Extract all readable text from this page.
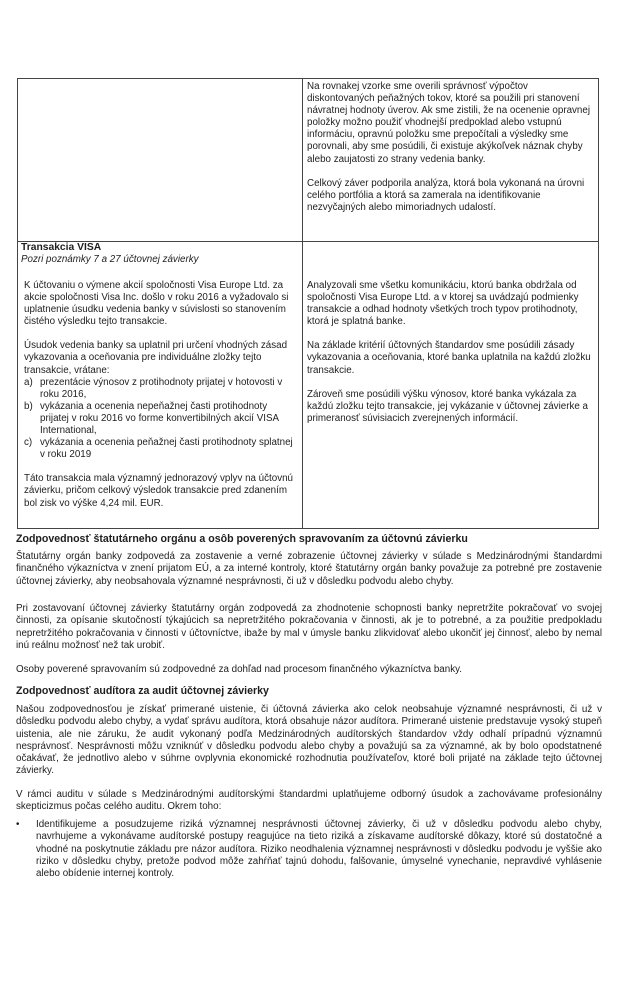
Na rovnakej vzorke sme overili správnosť výpočtov diskontovaných peňažných tokov, ktoré sa použili pri stanovení návratnej hodnoty úverov. Ak sme zistili, že na ocenenie opravnej položky možno použiť vhodnejší predpoklad alebo vstupnú informáciu, opravnú položku sme prepočítali a výsledky sme porovnali, aby sme posúdili, či existuje akýkoľvek náznak chyby alebo zaujatosti zo strany vedenia banky.

Celkový záver podporila analýza, ktorá bola vykonaná na úrovni celého portfólia a ktorá sa zamerala na identifikovanie nezvyčajných alebo mimoriadnych udalostí.

Transakcia VISA
Pozri poznámky 7 a 27 účtovnej závierky

K účtovaniu o výmene akcií spoločnosti Visa Europe Ltd. za akcie spoločnosti Visa Inc. došlo v roku 2016 a vyžadovalo si uplatnenie úsudku vedenia banky v súvislosti so stanovením čistého výsledku tejto transakcie.

Úsudok vedenia banky sa uplatnil pri určení vhodných zásad vykazovania a oceňovania pre individuálne zložky tejto transakcie, vrátane:

a) prezentácie výnosov z protihodnoty prijatej v hotovosti v roku 2016,
b) vykázania a ocenenia nepeňažnej časti protihodnoty prijatej v roku 2016 vo forme konvertibilných akcií VISA International,
c) vykázania a ocenenia peňažnej časti protihodnoty splatnej v roku 2019

Táto transakcia mala významný jednorazový vplyv na účtovnú závierku, pričom celkový výsledok transakcie pred zdanením bol zisk vo výške 4,24 mil. EUR.

Analyzovali sme všetku komunikáciu, ktorú banka obdržala od spoločnosti Visa Europe Ltd. a v ktorej sa uvádzajú podmienky transakcie a odhad hodnoty všetkých troch typov protihodnoty, ktorá je splatná banke.

Na základe kritérií účtovných štandardov sme posúdili zásady vykazovania a oceňovania, ktoré banka uplatnila na každú zložku transakcie.

Zároveň sme posúdili výšku výnosov, ktoré banka vykázala za každú zložku tejto transakcie, jej vykázanie v účtovnej závierke a primeranosť súvisiacich zverejnených informácií.

Zodpovednosť štatutárneho orgánu a osôb poverených spravovaním za účtovnú závierku
Štatutárny orgán banky zodpovedá za zostavenie a verné zobrazenie účtovnej závierky v súlade s Medzinárodnými štandardmi finančného výkazníctva v znení prijatom EÚ, a za interné kontroly, ktoré štatutárny orgán banky považuje za potrebné pre zostavenie účtovnej závierky, aby neobsahovala významné nesprávnosti, či už v dôsledku podvodu alebo chyby.
Pri zostavovaní účtovnej závierky štatutárny orgán zodpovedá za zhodnotenie schopnosti banky nepretržite pokračovať vo svojej činnosti, za opísanie skutočností týkajúcich sa nepretržitého pokračovania v činnosti, ak je to potrebné, a za použitie predpokladu nepretržitého pokračovania v činnosti v účtovníctve, ibaže by mal v úmysle banku zlikvidovať alebo ukončiť jej činnosť, alebo by nemal inú reálnu možnosť než tak urobiť.
Osoby poverené spravovaním sú zodpovedné za dohľad nad procesom finančného výkazníctva banky.
Zodpovednosť audítora za audit účtovnej závierky
Našou zodpovednosťou je získať primerané uistenie, či účtovná závierka ako celok neobsahuje významné nesprávnosti, či už v dôsledku podvodu alebo chyby, a vydať správu audítora, ktorá obsahuje názor audítora. Primerané uistenie predstavuje vysoký stupeň uistenia, ale nie záruku, že audit vykonaný podľa Medzinárodných audítorských štandardov vždy odhalí prípadnú významnú nesprávnosť. Nesprávnosti môžu vzniknúť v dôsledku podvodu alebo chyby a považujú sa za významné, ak by bolo opodstatnené očakávať, že jednotlivo alebo v súhrne ovplyvnia ekonomické rozhodnutia používateľov, ktoré boli prijaté na základe tejto účtovnej závierky.
V rámci auditu v súlade s Medzinárodnými audítorskými štandardmi uplatňujeme odborný úsudok a zachovávame profesionálny skepticizmus počas celého auditu. Okrem toho:
• Identifikujeme a posudzujeme riziká významnej nesprávnosti účtovnej závierky, či už v dôsledku podvodu alebo chyby, navrhujeme a vykonávame audítorské postupy reagujúce na tieto riziká a získavame audítorské dôkazy, ktoré sú dostatočné a vhodné na poskytnutie základu pre názor audítora. Riziko neodhalenia významnej nesprávnosti v dôsledku podvodu je vyššie ako riziko v dôsledku chyby, pretože podvod môže zahŕňať tajnú dohodu, falšovanie, úmyselné vynechanie, nepravdivé vyhlásenie alebo obídenie internej kontroly.
